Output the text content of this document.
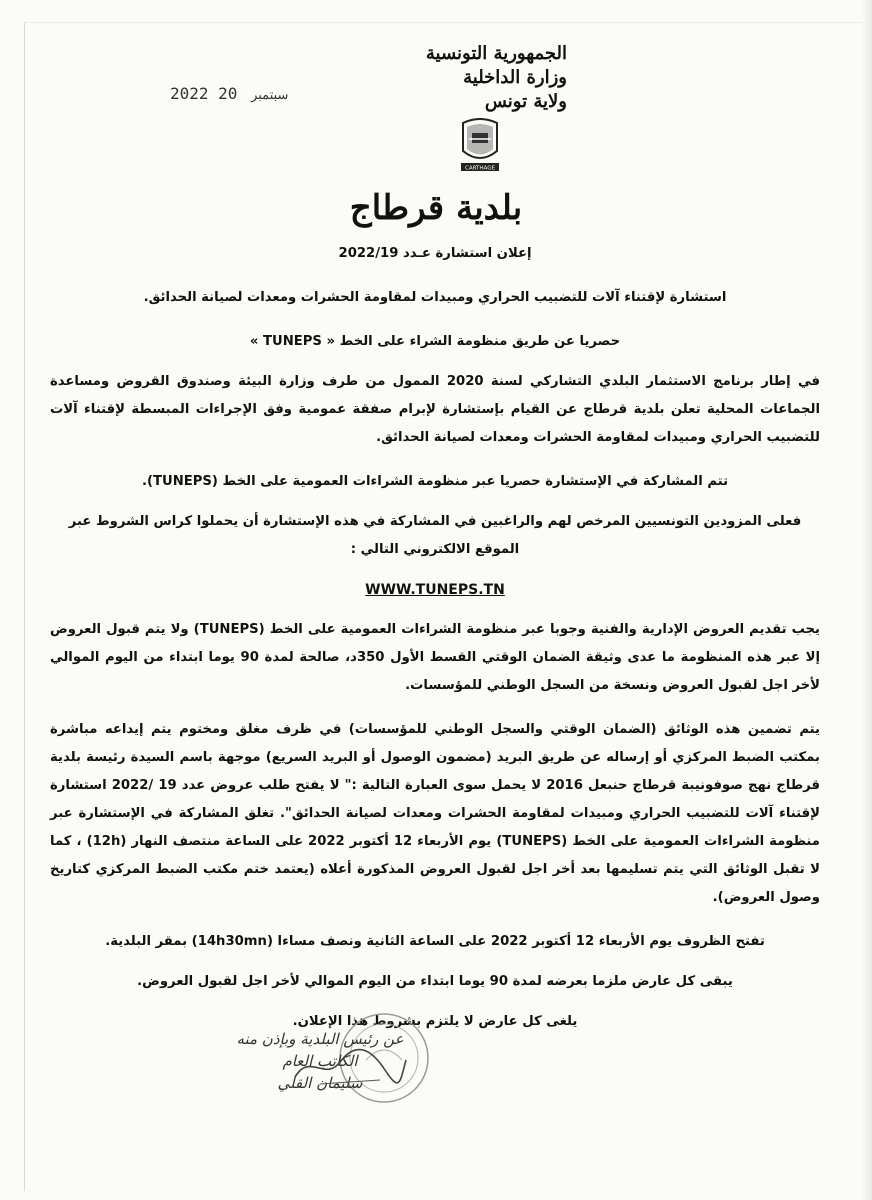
الجمهورية التونسية
وزارة الداخلية
ولاية تونس
2022	سبتمبر 20
CARTHAGE
بلدية قرطاج

إعلان استشارة عـدد 2022/19

استشارة لإقتناء آلات للتضبيب الحراري ومبيدات لمقاومة الحشرات ومعدات لصيانة الحدائق.

حصريا عن طريق منظومة الشراء على الخط « TUNEPS »

في إطار برنامج الاستثمار البلدي التشاركي لسنة 2020 الممول من طرف وزارة البيئة وصندوق القروض ومساعدة الجماعات المحلية تعلن بلدية قرطاج عن القيام بإستشارة لإبرام صفقة عمومية وفق الإجراءات المبسطة لإقتناء آلات للتضبيب الحراري ومبيدات لمقاومة الحشرات ومعدات لصيانة الحدائق.

تتم المشاركة في الإستشارة حصريا عبر منظومة الشراءات العمومية على الخط (TUNEPS).

فعلى المزودين التونسيين المرخص لهم والراغبين في المشاركة في هذه الإستشارة أن يحملوا كراس الشروط عبر الموقع الالكتروني التالي :

WWW.TUNEPS.TN

يجب تقديم العروض الإدارية والفنية وجوبا عبر منظومة الشراءات العمومية على الخط (TUNEPS) ولا يتم قبول العروض إلا عبر هذه المنظومة ما عدى وثيقة الضمان الوقتي القسط الأول 350د، صالحة لمدة 90 يوما ابتداء من اليوم الموالي لأخر اجل لقبول العروض ونسخة من السجل الوطني للمؤسسات.

يتم تضمين هذه الوثائق (الضمان الوقتي والسجل الوطني للمؤسسات) في ظرف مغلق ومختوم يتم إيداعه مباشرة بمكتب الضبط المركزي أو إرساله عن طريق البريد (مضمون الوصول أو البريد السريع) موجهة باسم السيدة رئيسة بلدية قرطاج نهج صوفونيبة قرطاج حنبعل 2016 لا يحمل سوى العبارة التالية :" لا يفتح طلب عروض عدد 19 /2022 استشارة لإقتناء آلات للتضبيب الحراري ومبيدات لمقاومة الحشرات ومعدات لصيانة الحدائق". تغلق المشاركة في الإستشارة عبر منظومة الشراءات العمومية على الخط (TUNEPS) يوم الأربعاء 12 أكتوبر 2022 على الساعة منتصف النهار (12h) ، كما لا تقبل الوثائق التي يتم تسليمها بعد أخر اجل لقبول العروض المذكورة أعلاه (يعتمد ختم مكتب الضبط المركزي كتاريخ وصول العروض).

تفتح الظروف يوم الأربعاء 12 أكتوبر 2022 على الساعة الثانية ونصف مساءا (14h30mn) بمقر البلدية.

يبقى كل عارض ملزما بعرضه لمدة 90 يوما ابتداء من اليوم الموالي لأخر اجل لقبول العروض.

يلغى كل عارض لا يلتزم بشروط هذا الإعلان.

عن رئيس البلدية وبإذن منه
الكاتب العام
سليمان القلي
